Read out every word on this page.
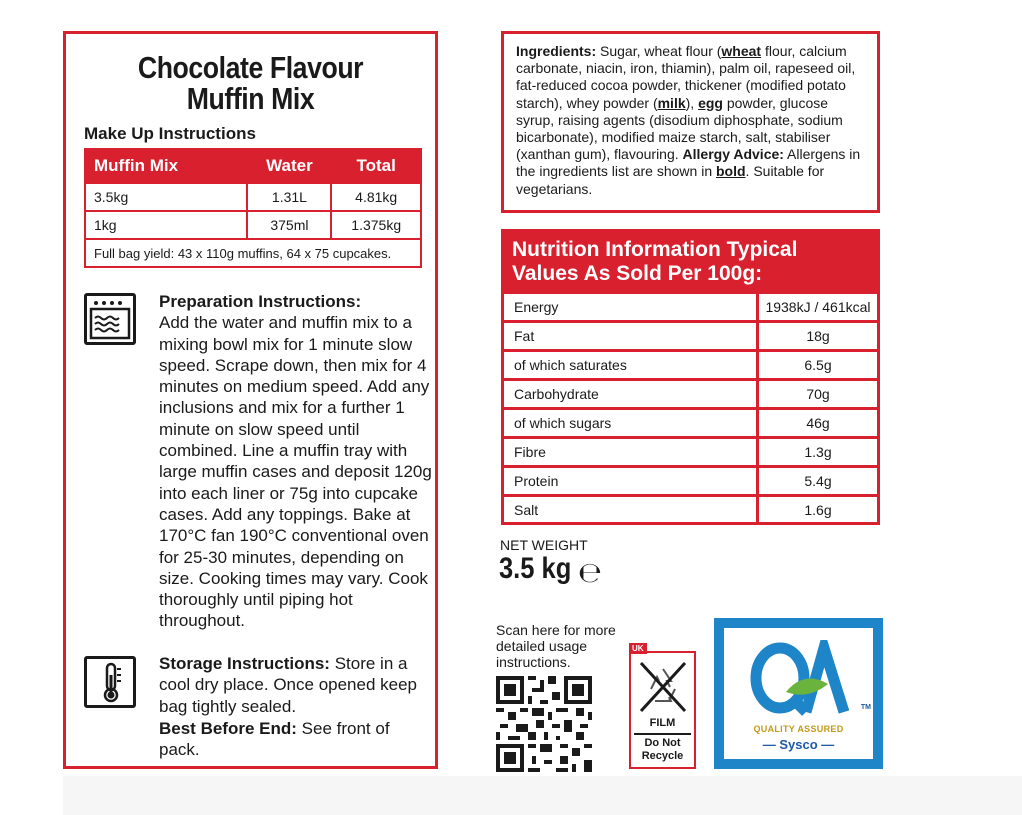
Chocolate Flavour
Muffin Mix
Make Up Instructions
Muffin Mix	Water	Total
3.5kg	1.31L	4.81kg
1kg	375ml	1.375kg
Full bag yield: 43 x 110g muffins, 64 x 75 cupcakes.		
Preparation Instructions:
Add the water and muffin mix to a mixing bowl mix for 1 minute slow speed. Scrape down, then mix for 4 minutes on medium speed. Add any inclusions and mix for a further 1 minute on slow speed until combined. Line a muffin tray with large muffin cases and deposit 120g into each liner or 75g into cupcake cases. Add any toppings. Bake at 170°C fan 190°C conventional oven for 25-30 minutes, depending on size. Cooking times may vary. Cook thoroughly until piping hot throughout.
Storage Instructions: Store in a cool dry place. Once opened keep bag tightly sealed.
Best Before End: See front of pack.
Ingredients: Sugar, wheat flour (wheat flour, calcium carbonate, niacin, iron, thiamin), palm oil, rapeseed oil, fat-reduced cocoa powder, thickener (modified potato starch), whey powder (milk), egg powder, glucose syrup, raising agents (disodium diphosphate, sodium bicarbonate), modified maize starch, salt, stabiliser (xanthan gum), flavouring. Allergy Advice: Allergens in the ingredients list are shown in bold. Suitable for vegetarians.
Nutrition Information Typical Values As Sold Per 100g:
Energy	1938kJ / 461kcal
Fat	18g
of which saturates	6.5g
Carbohydrate	70g
of which sugars	46g
Fibre	1.3g
Protein	5.4g
Salt	1.6g
NET WEIGHT
3.5 kg ℮
Scan here for more detailed usage instructions.
UK
FILM
Do Not
Recycle
TM
QUALITY ASSURED
— Sysco —
